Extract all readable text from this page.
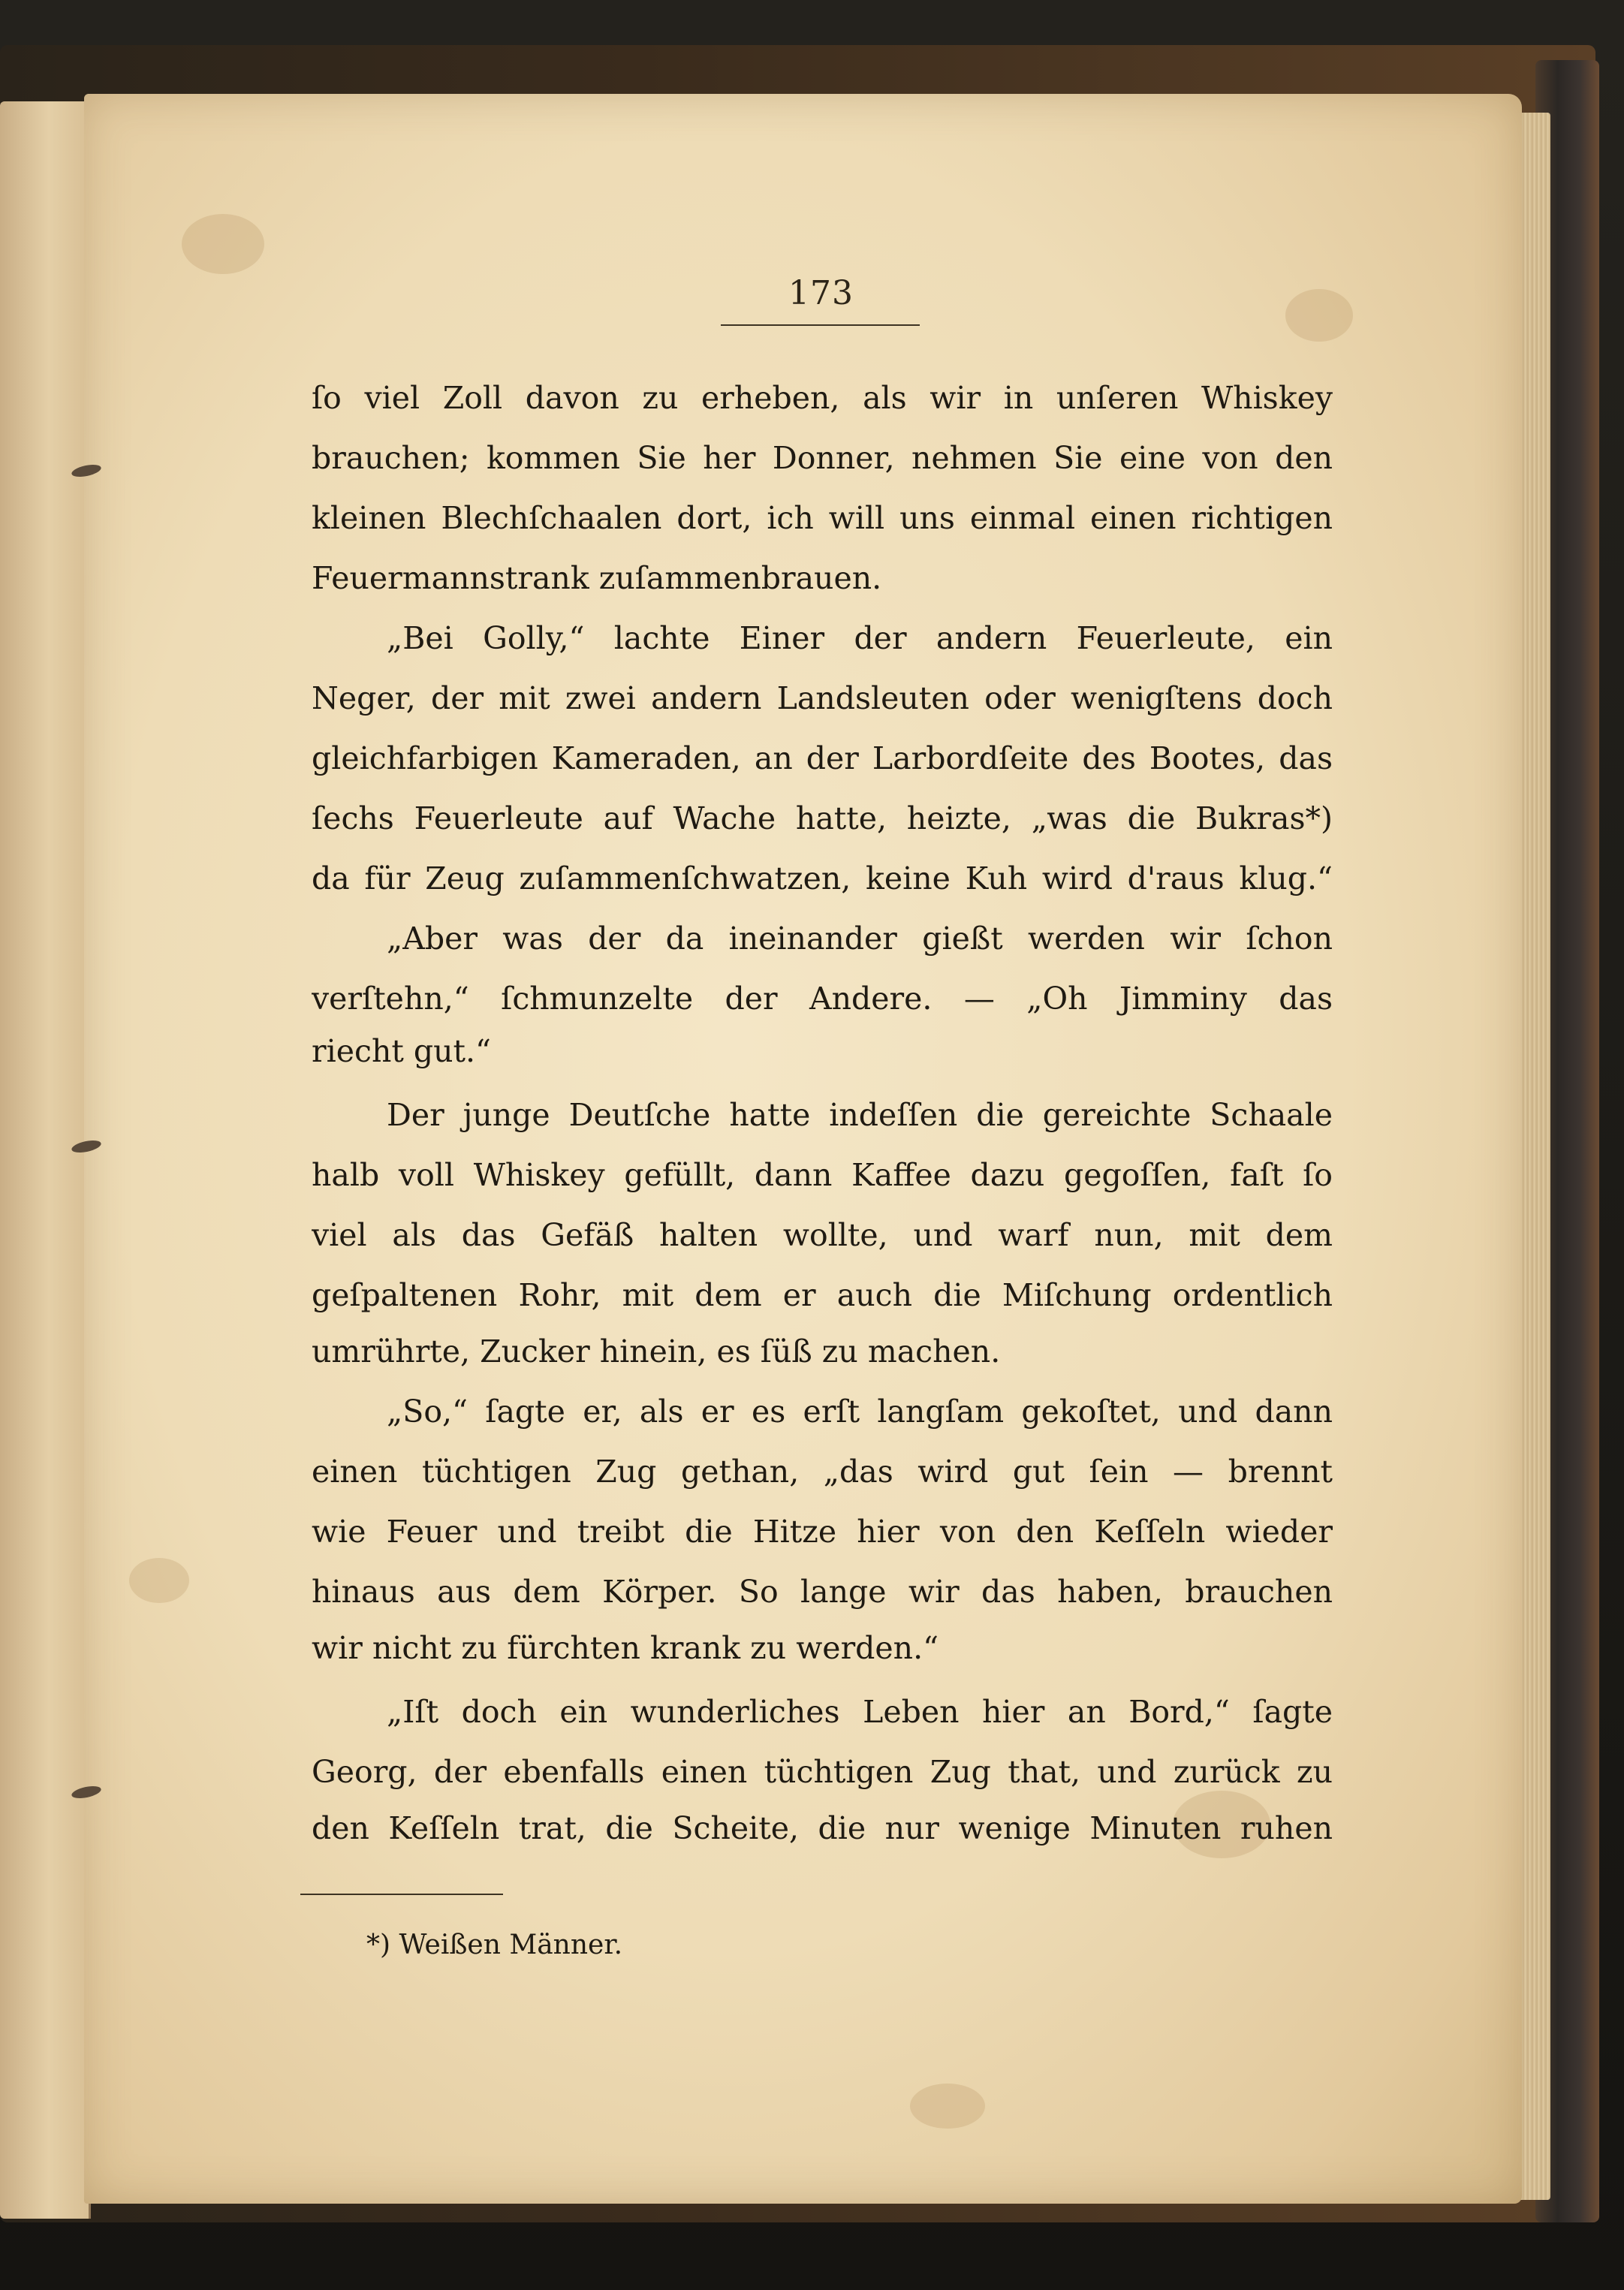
173
ſo viel Zoll davon zu erheben, als wir in unſeren Whiskey
brauchen; kommen Sie her Donner, nehmen Sie eine von den
kleinen Blechſchaalen dort, ich will uns einmal einen richtigen
Feuermannstrank zuſammenbrauen.
„Bei Golly,“ lachte Einer der andern Feuerleute, ein
Neger, der mit zwei andern Landsleuten oder wenigſtens doch
gleichfarbigen Kameraden, an der Larbordſeite des Bootes, das
ſechs Feuerleute auf Wache hatte, heizte, „was die Bukras*)
da für Zeug zuſammenſchwatzen, keine Kuh wird d'raus klug.“
„Aber was der da ineinander gießt werden wir ſchon
verſtehn,“ ſchmunzelte der Andere. — „Oh Jimminy das
riecht gut.“
Der junge Deutſche hatte indeſſen die gereichte Schaale
halb voll Whiskey gefüllt, dann Kaffee dazu gegoſſen, faſt ſo
viel als das Gefäß halten wollte, und warf nun, mit dem
geſpaltenen Rohr, mit dem er auch die Miſchung ordentlich
umrührte, Zucker hinein, es ſüß zu machen.
„So,“ ſagte er, als er es erſt langſam gekoſtet, und dann
einen tüchtigen Zug gethan, „das wird gut ſein — brennt
wie Feuer und treibt die Hitze hier von den Keſſeln wieder
hinaus aus dem Körper. So lange wir das haben, brauchen
wir nicht zu fürchten krank zu werden.“
„Iſt doch ein wunderliches Leben hier an Bord,“ ſagte
Georg, der ebenfalls einen tüchtigen Zug that, und zurück zu
den Keſſeln trat, die Scheite, die nur wenige Minuten ruhen
*) Weißen Männer.
